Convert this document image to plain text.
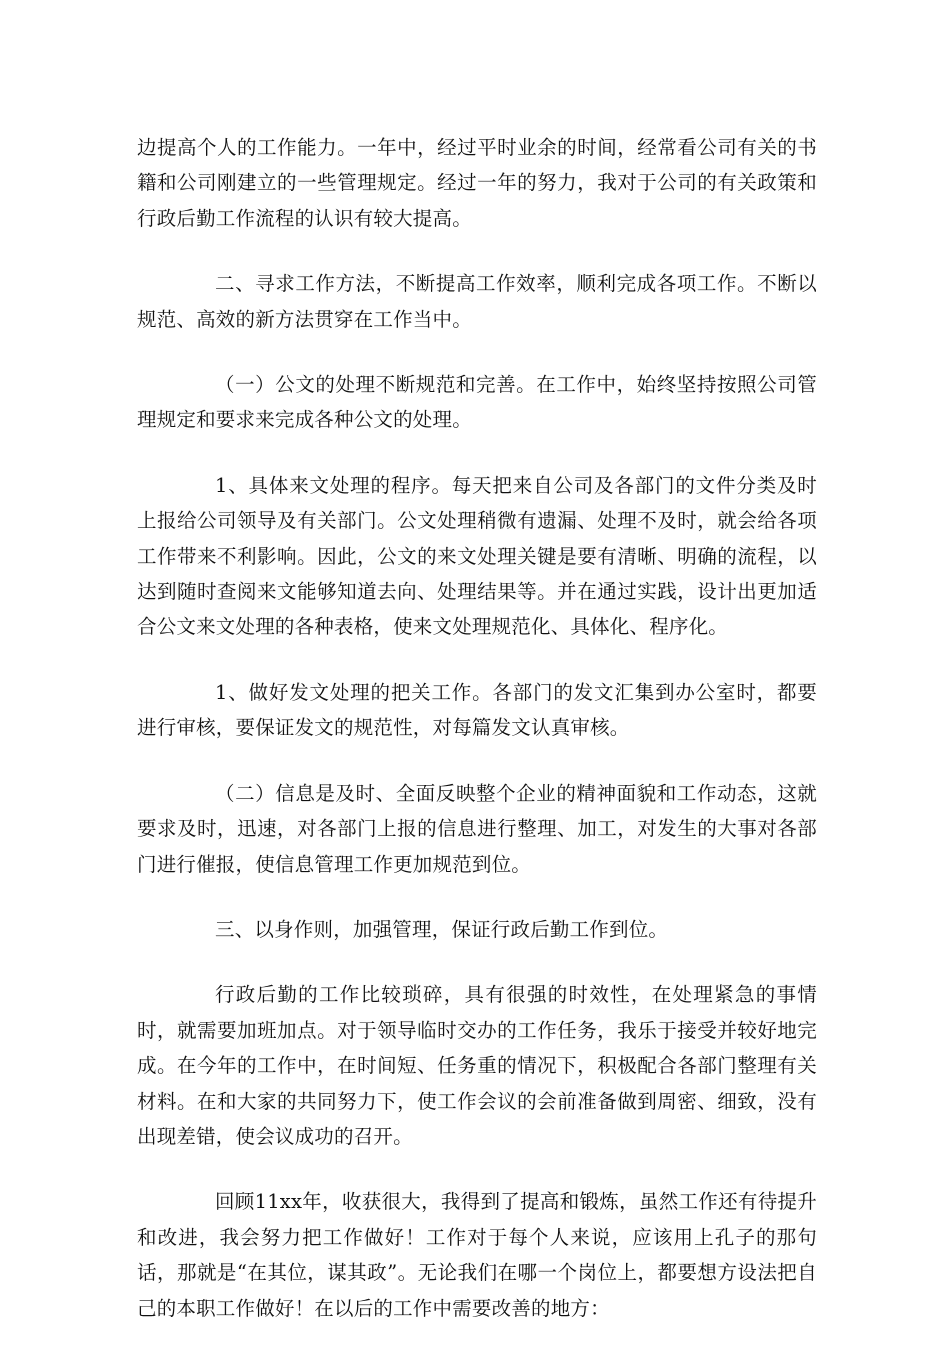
边提高个人的工作能力。一年中，经过平时业余的时间，经常看公司有关的书籍和公司刚建立的一些管理规定。经过一年的努力，我对于公司的有关政策和行政后勤工作流程的认识有较大提高。

二、寻求工作方法，不断提高工作效率，顺利完成各项工作。不断以规范、高效的新方法贯穿在工作当中。

（一）公文的处理不断规范和完善。在工作中，始终坚持按照公司管理规定和要求来完成各种公文的处理。

1、具体来文处理的程序。每天把来自公司及各部门的文件分类及时上报给公司领导及有关部门。公文处理稍微有遗漏、处理不及时，就会给各项工作带来不利影响。因此，公文的来文处理关键是要有清晰、明确的流程，以达到随时查阅来文能够知道去向、处理结果等。并在通过实践，设计出更加适合公文来文处理的各种表格，使来文处理规范化、具体化、程序化。

1、做好发文处理的把关工作。各部门的发文汇集到办公室时，都要进行审核，要保证发文的规范性，对每篇发文认真审核。

（二）信息是及时、全面反映整个企业的精神面貌和工作动态，这就要求及时，迅速，对各部门上报的信息进行整理、加工，对发生的大事对各部门进行催报，使信息管理工作更加规范到位。

三、以身作则，加强管理，保证行政后勤工作到位。

行政后勤的工作比较琐碎，具有很强的时效性，在处理紧急的事情时，就需要加班加点。对于领导临时交办的工作任务，我乐于接受并较好地完成。在今年的工作中，在时间短、任务重的情况下，积极配合各部门整理有关材料。在和大家的共同努力下，使工作会议的会前准备做到周密、细致，没有出现差错，使会议成功的召开。

回顾11xx年，收获很大，我得到了提高和锻炼，虽然工作还有待提升和改进，我会努力把工作做好！工作对于每个人来说，应该用上孔子的那句话，那就是“在其位，谋其政”。无论我们在哪一个岗位上，都要想方设法把自己的本职工作做好！在以后的工作中需要改善的地方：
